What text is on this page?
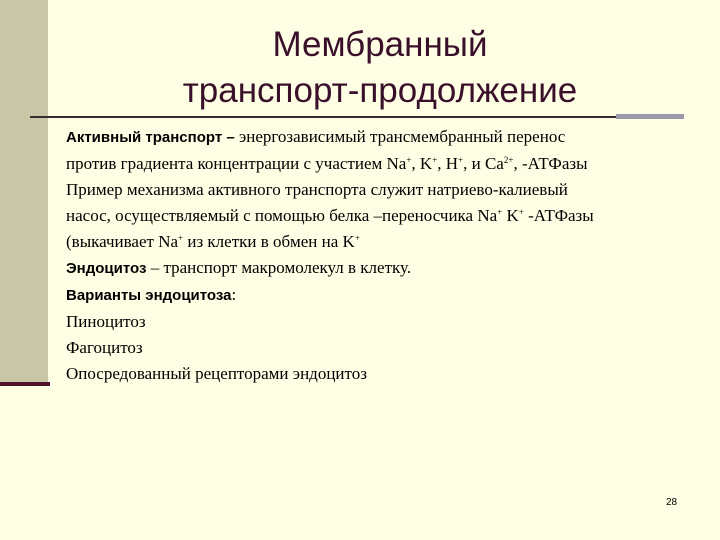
Мембранный
транспорт-продолжение
Активный транспорт – энергозависимый трансмембранный перенос
против градиента концентрации с участием Na+, K+, H+, и $Ca^{2+}$, -АТФазы
Пример механизма активного транспорта служит натриево-калиевый
насос, осуществляемый с помощью белка –переносчика Na+ K+ -АТФазы
(выкачивает Na+ из клетки в обмен на K+
Эндоцитоз – транспорт макромолекул в клетку.
Варианты эндоцитоза:
Пиноцитоз
Фагоцитоз
Опосредованный рецепторами эндоцитоз
28
